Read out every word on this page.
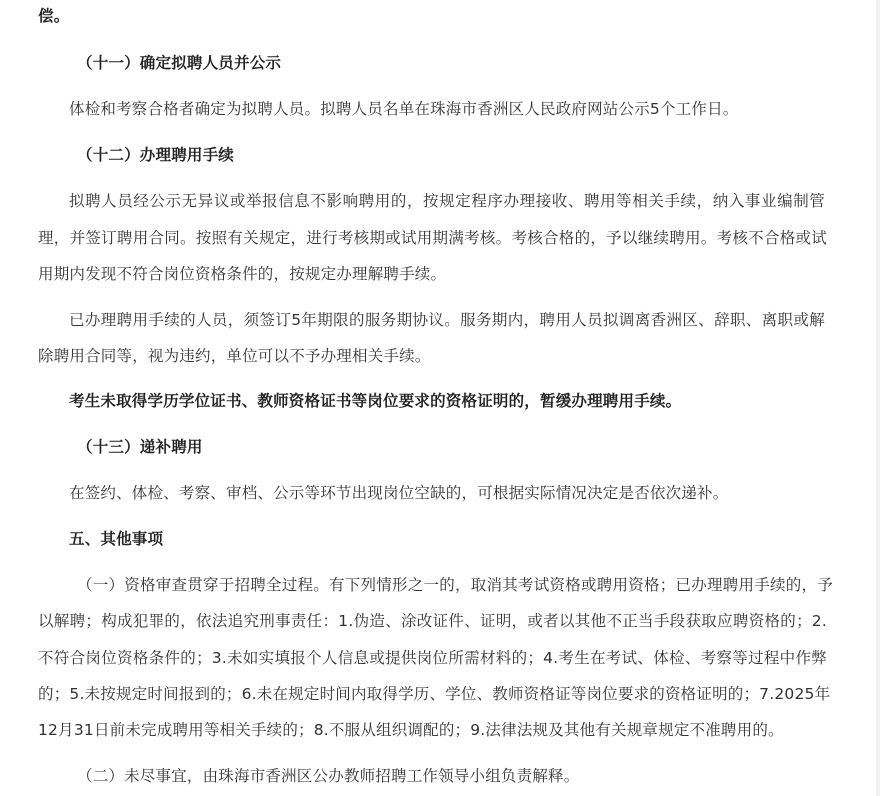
偿。
（十一）确定拟聘人员并公示
体检和考察合格者确定为拟聘人员。拟聘人员名单在珠海市香洲区人民政府网站公示5个工作日。
（十二）办理聘用手续
拟聘人员经公示无异议或举报信息不影响聘用的，按规定程序办理接收、聘用等相关手续，纳入事业编制管
理，并签订聘用合同。按照有关规定，进行考核期或试用期满考核。考核合格的，予以继续聘用。考核不合格或试
用期内发现不符合岗位资格条件的，按规定办理解聘手续。
已办理聘用手续的人员，须签订5年期限的服务期协议。服务期内，聘用人员拟调离香洲区、辞职、离职或解
除聘用合同等，视为违约，单位可以不予办理相关手续。
考生未取得学历学位证书、教师资格证书等岗位要求的资格证明的，暂缓办理聘用手续。
（十三）递补聘用
在签约、体检、考察、审档、公示等环节出现岗位空缺的，可根据实际情况决定是否依次递补。
五、其他事项
（一）资格审查贯穿于招聘全过程。有下列情形之一的，取消其考试资格或聘用资格；已办理聘用手续的，予
以解聘；构成犯罪的，依法追究刑事责任：1.伪造、涂改证件、证明，或者以其他不正当手段获取应聘资格的；2.
不符合岗位资格条件的；3.未如实填报个人信息或提供岗位所需材料的；4.考生在考试、体检、考察等过程中作弊
的；5.未按规定时间报到的；6.未在规定时间内取得学历、学位、教师资格证等岗位要求的资格证明的；7.2025年
12月31日前未完成聘用等相关手续的；8.不服从组织调配的；9.法律法规及其他有关规章规定不准聘用的。
（二）未尽事宜，由珠海市香洲区公办教师招聘工作领导小组负责解释。
